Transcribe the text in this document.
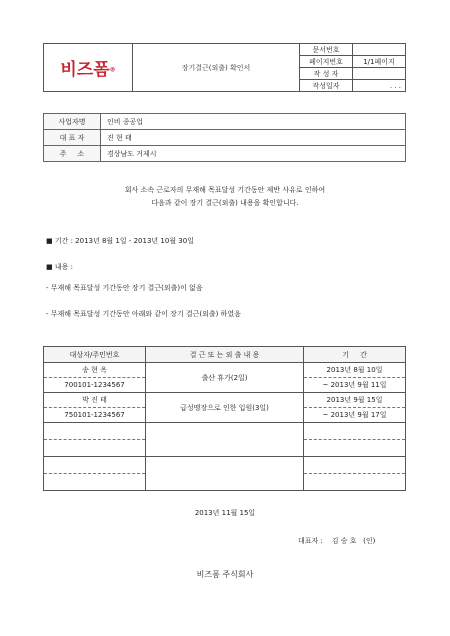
비즈폼®	장기결근(외출) 확인서	문서번호	
		페이지번호	1/1페이지
		작 성 자	
		작성일자	. . .
사업자명	인비 종공업
대 표 자	진 현 태
주     소	경상남도 거제시
회사 소속 근로자의 무재해 목표달성 기간동안 제반 사유로 인하여
다음과 같이 장기 결근(외출) 내용을 확인합니다.
■ 기간 : 2013년 8월 1일 - 2013년 10월 30일
■ 내용 :
- 무재해 목표달성 기간동안 장기 결근(외출)이 없음
- 무재해 목표달성 기간동안 아래와 같이 장기 결근(외출) 하였음
대상자/주민번호	결 근 또 는 외 출 내 용	기     간
송 현 옥	출산 휴가(2일)	2013년 8월 10일
700101-1234567		~ 2013년 9월 11일
박 진 태	급성맹장으로 인한 입원(3일)	2013년 9월 15일
750101-1234567		~ 2013년 9월 17일

2013년 11월 15일
대표자 :    김 승 호   (인)
비즈폼 주식회사
